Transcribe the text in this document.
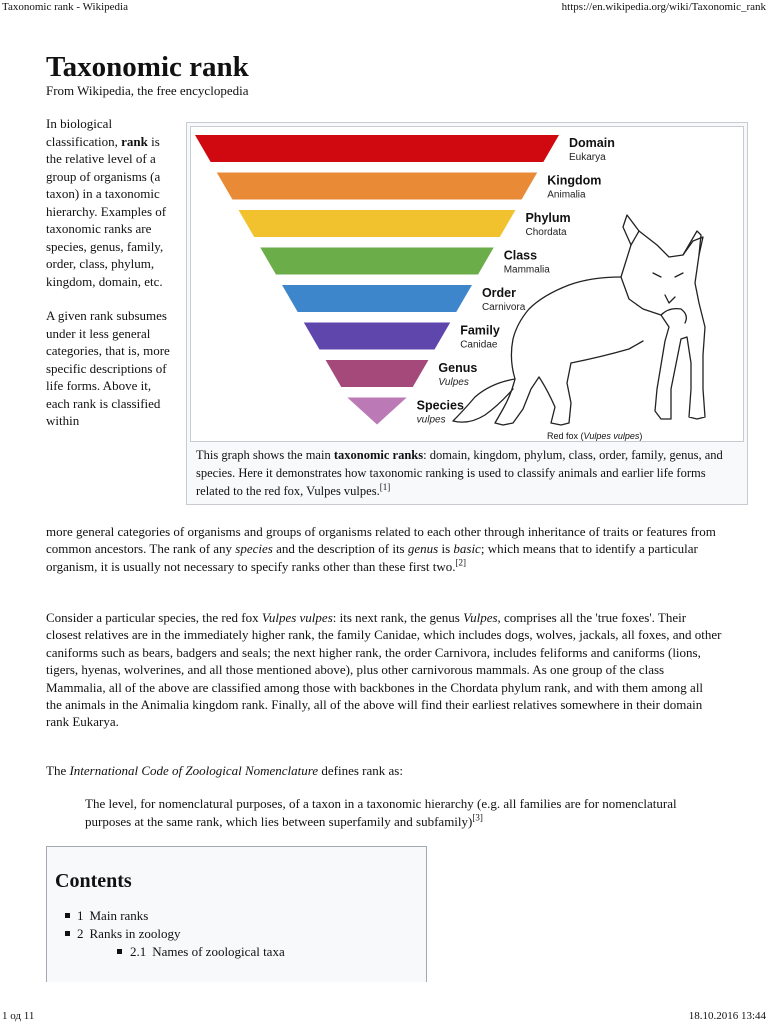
Taxonomic rank - Wikipedia	https://en.wikipedia.org/wiki/Taxonomic_rank
Taxonomic rank
From Wikipedia, the free encyclopedia

In biological classification, rank is the relative level of a group of organisms (a taxon) in a taxonomic hierarchy. Examples of taxonomic ranks are species, genus, family, order, class, phylum, kingdom, domain, etc.

A given rank subsumes under it less general categories, that is, more specific descriptions of life forms. Above it, each rank is classified within

Domain
Eukarya
Kingdom
Animalia
Phylum
Chordata
Class
Mammalia
Order
Carnivora
Family
Canidae
Genus
Vulpes
Species
vulpes
Red fox (Vulpes vulpes)
This graph shows the main taxonomic ranks: domain, kingdom, phylum, class, order, family, genus, and species. Here it demonstrates how taxonomic ranking is used to classify animals and earlier life forms related to the red fox, Vulpes vulpes.[1]
more general categories of organisms and groups of organisms related to each other through inheritance of traits or features from common ancestors. The rank of any species and the description of its genus is basic; which means that to identify a particular organism, it is usually not necessary to specify ranks other than these first two.[2]
Consider a particular species, the red fox Vulpes vulpes: its next rank, the genus Vulpes, comprises all the 'true foxes'. Their closest relatives are in the immediately higher rank, the family Canidae, which includes dogs, wolves, jackals, all foxes, and other caniforms such as bears, badgers and seals; the next higher rank, the order Carnivora, includes feliforms and caniforms (lions, tigers, hyenas, wolverines, and all those mentioned above), plus other carnivorous mammals. As one group of the class Mammalia, all of the above are classified among those with backbones in the Chordata phylum rank, and with them among all the animals in the Animalia kingdom rank. Finally, all of the above will find their earliest relatives somewhere in their domain rank Eukarya.
The International Code of Zoological Nomenclature defines rank as:
The level, for nomenclatural purposes, of a taxon in a taxonomic hierarchy (e.g. all families are for nomenclatural purposes at the same rank, which lies between superfamily and subfamily)[3]
Contents
1 Main ranks
2 Ranks in zoology
2.1 Names of zoological taxa
1 од 11	18.10.2016 13:44
